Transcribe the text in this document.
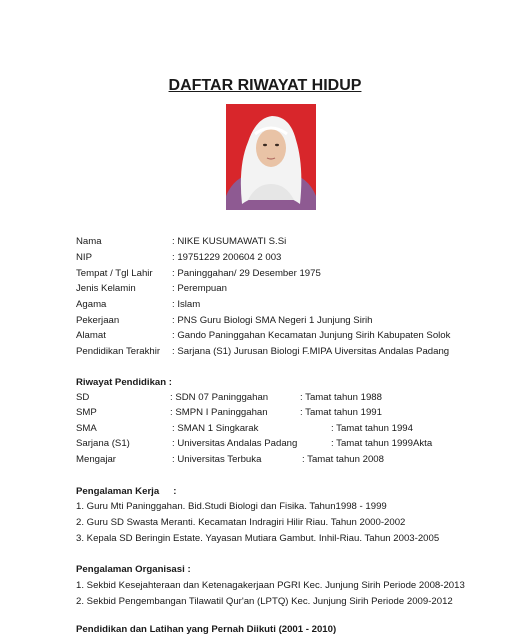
DAFTAR RIWAYAT HIDUP
Nama	: NIKE KUSUMAWATI S.Si
NIP	: 19751229 200604 2 003
Tempat / Tgl Lahir : Paninggahan/ 29 Desember 1975
Jenis Kelamin	: Perempuan
Agama	: Islam
Pekerjaan	: PNS Guru Biologi SMA Negeri 1 Junjung Sirih
Alamat	: Gando Paninggahan Kecamatan Junjung Sirih Kabupaten Solok
Pendidikan Terakhir : Sarjana (S1) Jurusan Biologi F.MIPA Uiversitas Andalas Padang
Riwayat Pendidikan :
SD	: SDN 07 Paninggahan	: Tamat tahun 1988
SMP	: SMPN I Paninggahan	: Tamat tahun 1991
SMA	: SMAN 1 Singkarak	: Tamat tahun 1994
Sarjana (S1)	: Universitas Andalas Padang	: Tamat tahun 1999Akta
Mengajar	: Universitas Terbuka	: Tamat tahun 2008
Pengalaman Kerja :
1. Guru Mti Paninggahan. Bid.Studi Biologi dan Fisika. Tahun1998 - 1999
2. Guru SD Swasta Meranti. Kecamatan Indragiri Hilir Riau. Tahun 2000-2002
3. Kepala SD Beringin Estate. Yayasan Mutiara Gambut. Inhil-Riau. Tahun 2003-2005
Pengalaman Organisasi :
1. Sekbid Kesejahteraan dan Ketenagakerjaan PGRI Kec. Junjung Sirih Periode 2008-2013
2. Sekbid Pengembangan Tilawatil Qur'an (LPTQ) Kec. Junjung Sirih Periode 2009-2012
Pendidikan dan Latihan yang Pernah Diikuti (2001 - 2010)
